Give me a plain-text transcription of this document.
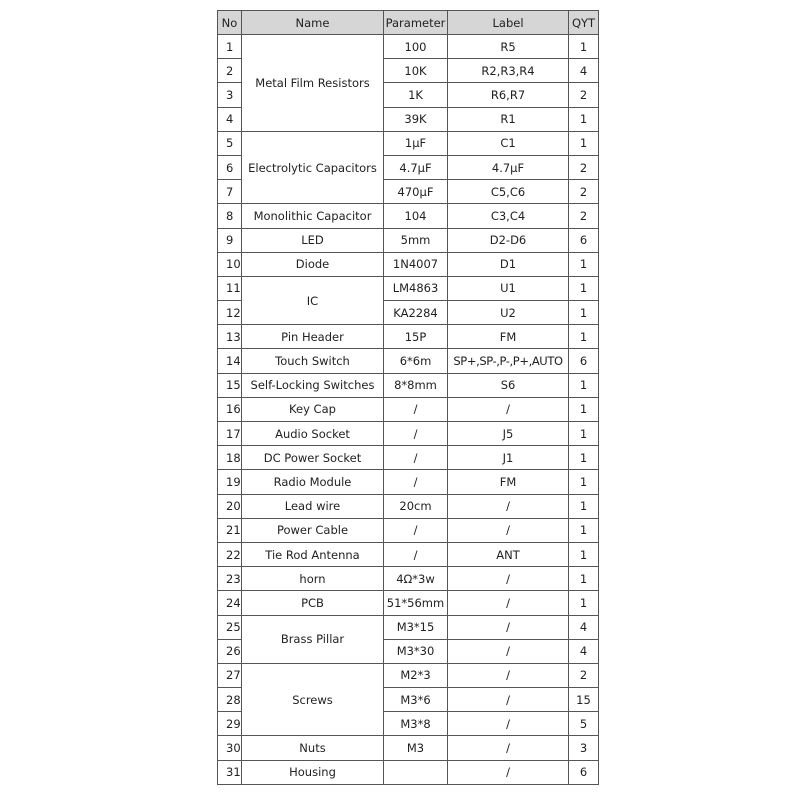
No	Name	Parameter	Label	QYT
1	Metal Film Resistors	100	R5	1
2		10K	R2,R3,R4	4
3		1K	R6,R7	2
4		39K	R1	1
5	Electrolytic Capacitors	1μF	C1	1
6		4.7μF	4.7μF	2
7		470μF	C5,C6	2
8	Monolithic Capacitor	104	C3,C4	2
9	LED	5mm	D2-D6	6
10	Diode	1N4007	D1	1
11	IC	LM4863	U1	1
12		KA2284	U2	1
13	Pin Header	15P	FM	1
14	Touch Switch	6*6m	SP+,SP-,P-,P+,AUTO	6
15	Self-Locking Switches	8*8mm	S6	1
16	Key Cap	/	/	1
17	Audio Socket	/	J5	1
18	DC Power Socket	/	J1	1
19	Radio Module	/	FM	1
20	Lead wire	20cm	/	1
21	Power Cable	/	/	1
22	Tie Rod Antenna	/	ANT	1
23	horn	4Ω*3w	/	1
24	PCB	51*56mm	/	1
25	Brass Pillar	M3*15	/	4
26		M3*30	/	4
27	Screws	M2*3	/	2
28		M3*6	/	15
29		M3*8	/	5
30	Nuts	M3	/	3
31	Housing		/	6
